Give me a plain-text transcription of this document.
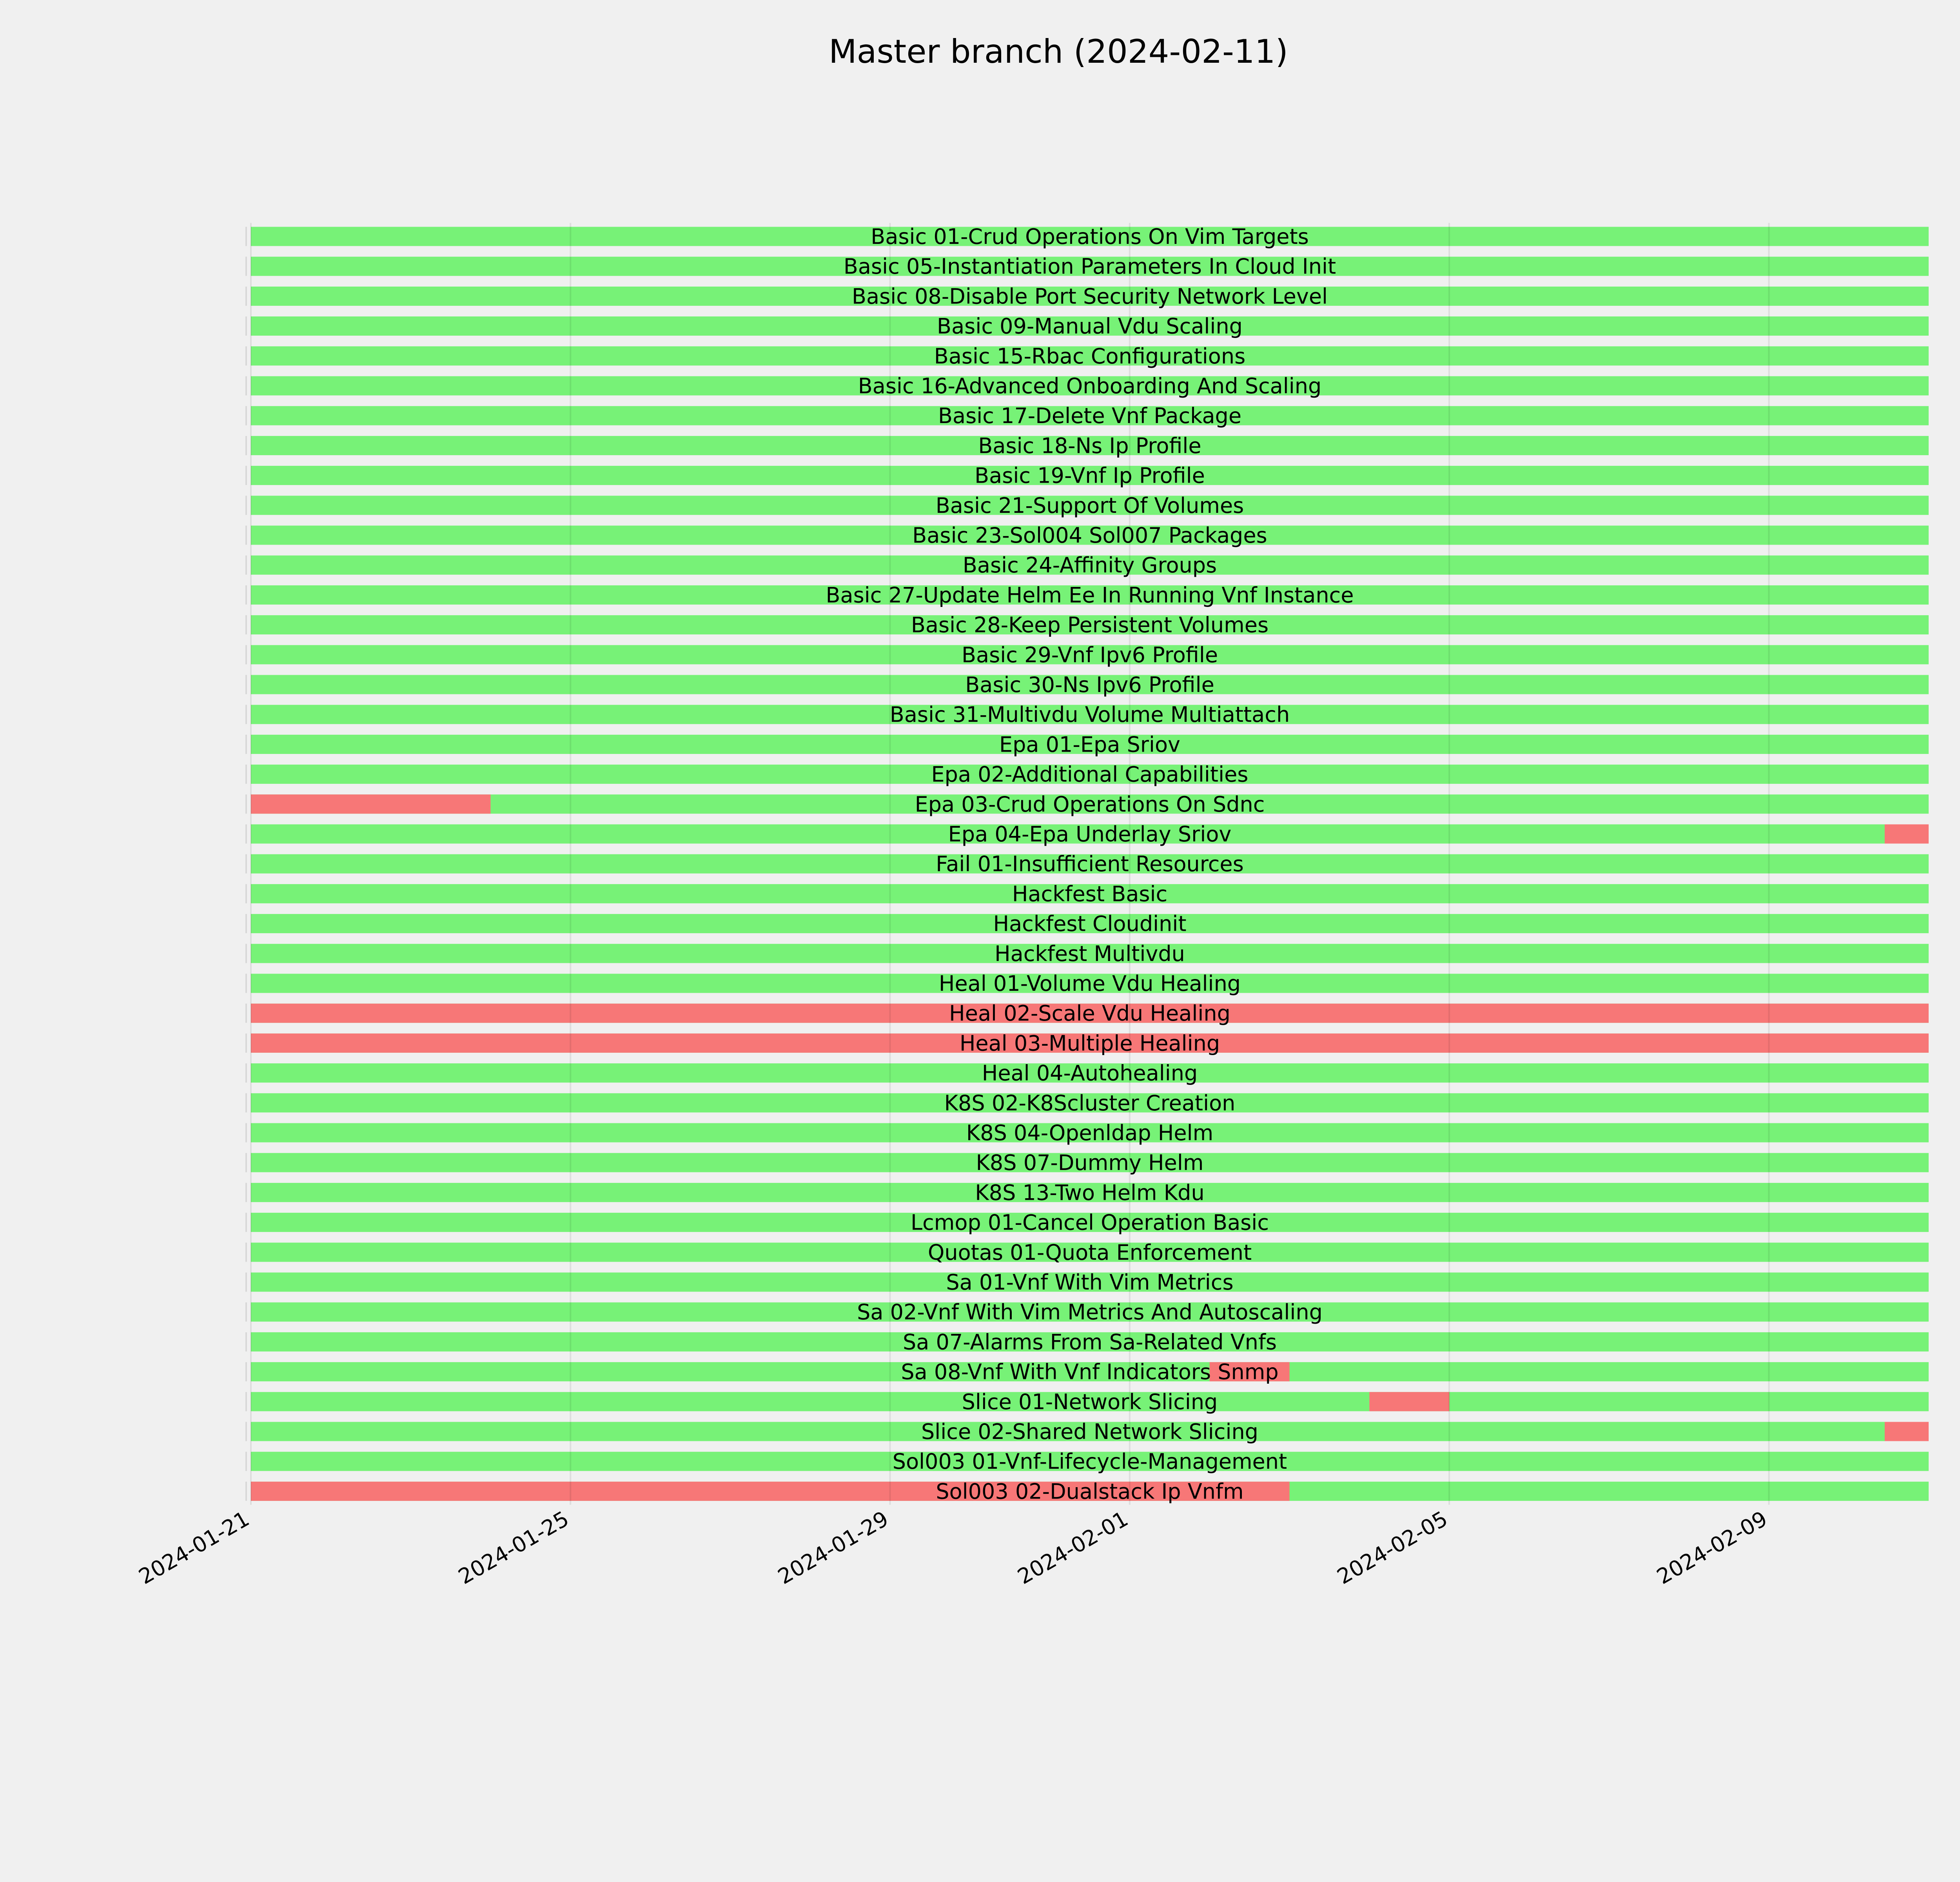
Master branch (2024-02-11)
Basic 01-Crud Operations On Vim Targets
Basic 05-Instantiation Parameters In Cloud Init
Basic 08-Disable Port Security Network Level
Basic 09-Manual Vdu Scaling
Basic 15-Rbac Configurations
Basic 16-Advanced Onboarding And Scaling
Basic 17-Delete Vnf Package
Basic 18-Ns Ip Profile
Basic 19-Vnf Ip Profile
Basic 21-Support Of Volumes
Basic 23-Sol004 Sol007 Packages
Basic 24-Affinity Groups
Basic 27-Update Helm Ee In Running Vnf Instance
Basic 28-Keep Persistent Volumes
Basic 29-Vnf Ipv6 Profile
Basic 30-Ns Ipv6 Profile
Basic 31-Multivdu Volume Multiattach
Epa 01-Epa Sriov
Epa 02-Additional Capabilities
Epa 03-Crud Operations On Sdnc
Epa 04-Epa Underlay Sriov
Fail 01-Insufficient Resources
Hackfest Basic
Hackfest Cloudinit
Hackfest Multivdu
Heal 01-Volume Vdu Healing
Heal 02-Scale Vdu Healing
Heal 03-Multiple Healing
Heal 04-Autohealing
K8S 02-K8Scluster Creation
K8S 04-Openldap Helm
K8S 07-Dummy Helm
K8S 13-Two Helm Kdu
Lcmop 01-Cancel Operation Basic
Quotas 01-Quota Enforcement
Sa 01-Vnf With Vim Metrics
Sa 02-Vnf With Vim Metrics And Autoscaling
Sa 07-Alarms From Sa-Related Vnfs
Sa 08-Vnf With Vnf Indicators Snmp
Slice 01-Network Slicing
Slice 02-Shared Network Slicing
Sol003 01-Vnf-Lifecycle-Management
Sol003 02-Dualstack Ip Vnfm
2024-01-21	2024-01-25	2024-01-29	2024-02-01	2024-02-05	2024-02-09
